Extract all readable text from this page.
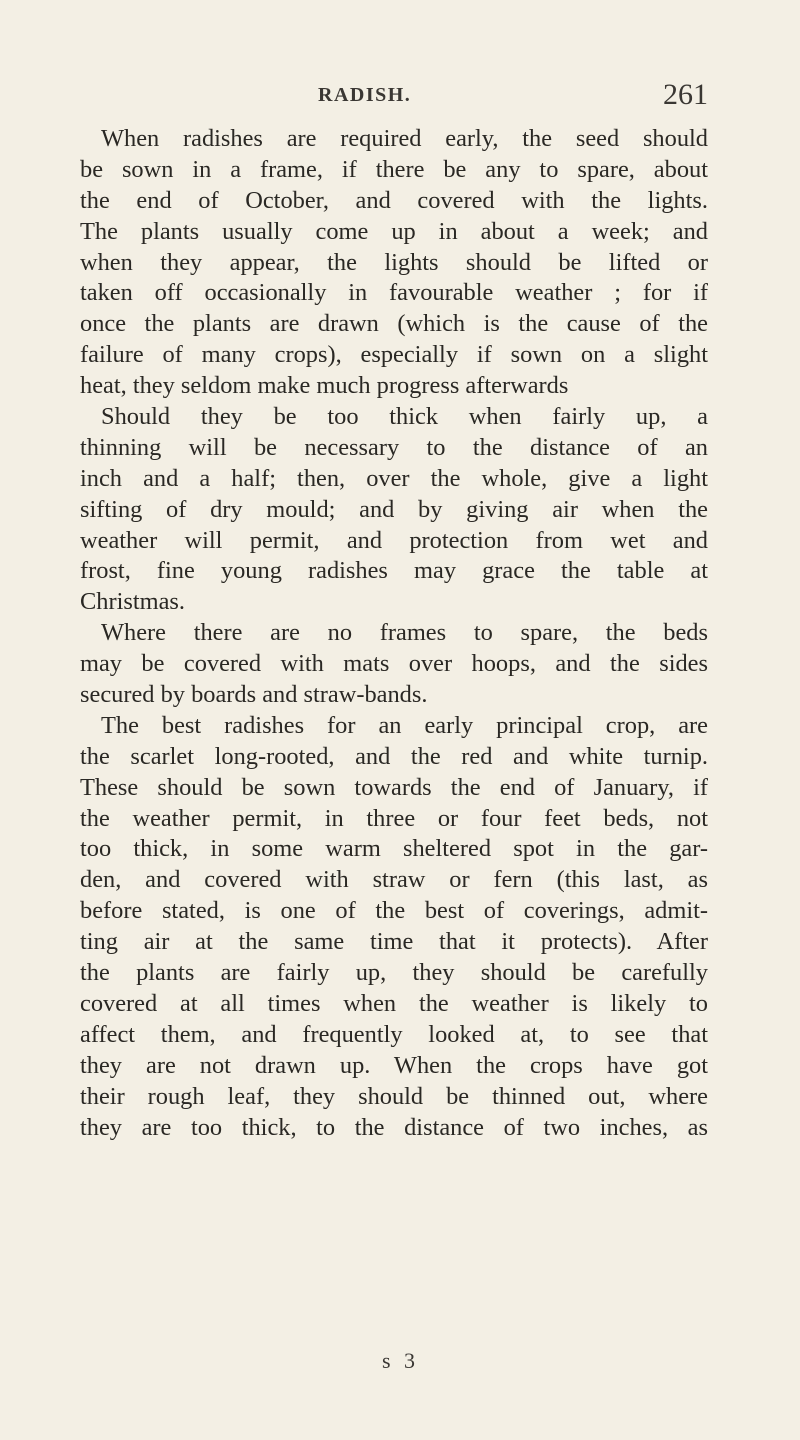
RADISH.	261
When radishes are required early, the seed should
be sown in a frame, if there be any to spare, about
the end of October, and covered with the lights.
The plants usually come up in about a week; and
when they appear, the lights should be lifted or
taken off occasionally in favourable weather ; for if
once the plants are drawn (which is the cause of the
failure of many crops), especially if sown on a slight
heat, they seldom make much progress afterwards
Should they be too thick when fairly up, a
thinning will be necessary to the distance of an
inch and a half; then, over the whole, give a light
sifting of dry mould; and by giving air when the
weather will permit, and protection from wet and
frost, fine young radishes may grace the table at
Christmas.
Where there are no frames to spare, the beds
may be covered with mats over hoops, and the sides
secured by boards and straw-bands.
The best radishes for an early principal crop, are
the scarlet long-rooted, and the red and white turnip.
These should be sown towards the end of January, if
the weather permit, in three or four feet beds, not
too thick, in some warm sheltered spot in the gar-
den, and covered with straw or fern (this last, as
before stated, is one of the best of coverings, admit-
ting air at the same time that it protects). After
the plants are fairly up, they should be carefully
covered at all times when the weather is likely to
affect them, and frequently looked at, to see that
they are not drawn up. When the crops have got
their rough leaf, they should be thinned out, where
they are too thick, to the distance of two inches, as
s 3
